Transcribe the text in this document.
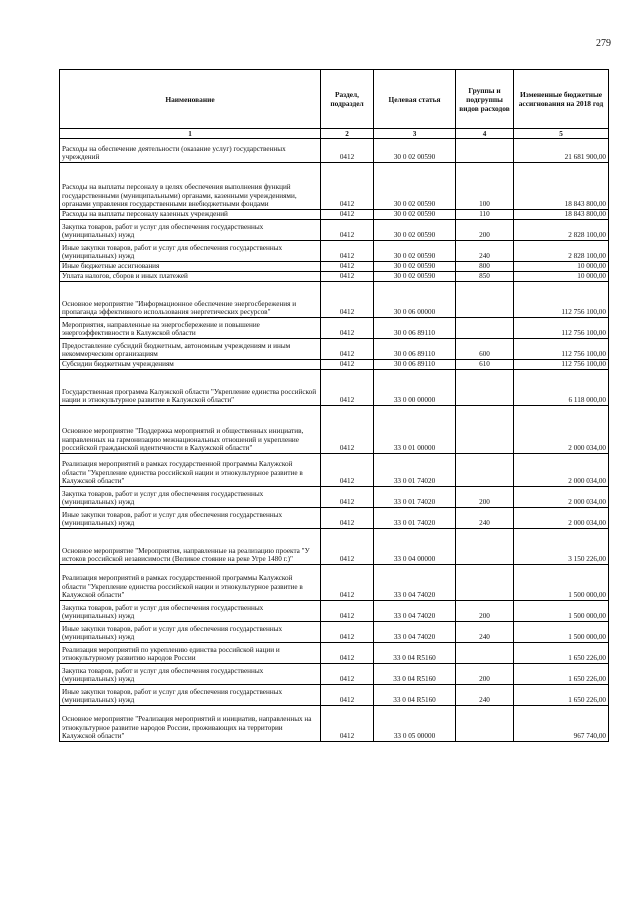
279
Наименование	Раздел, подраздел	Целевая статья	Группы и подгруппы видов расходов	Измененные бюджетные ассигнования на 2018 год
1	2	3	4	5
Расходы на обеспечение деятельности (оказание услуг) государственных учреждений	0412	30 0 02 00590		21 681 900,00
Расходы на выплаты персоналу в целях обеспечения выполнения функций государственными (муниципальными) органами, казенными учреждениями, органами управления государственными внебюджетными фондами	0412	30 0 02 00590	100	18 843 800,00
Расходы на выплаты персоналу казенных учреждений	0412	30 0 02 00590	110	18 843 800,00
Закупка товаров, работ и услуг для обеспечения государственных (муниципальных) нужд	0412	30 0 02 00590	200	2 828 100,00
Иные закупки товаров, работ и услуг для обеспечения государственных (муниципальных) нужд	0412	30 0 02 00590	240	2 828 100,00
Иные бюджетные ассигнования	0412	30 0 02 00590	800	10 000,00
Уплата налогов, сборов и иных платежей	0412	30 0 02 00590	850	10 000,00
Основное мероприятие "Информационное обеспечение энергосбережения и пропаганда эффективного использования энергетических ресурсов"	0412	30 0 06 00000		112 756 100,00
Мероприятия, направленные на энергосбережение и повышение энергоэффективности в Калужской области	0412	30 0 06 89110		112 756 100,00
Предоставление субсидий бюджетным, автономным учреждениям и иным некоммерческим организациям	0412	30 0 06 89110	600	112 756 100,00
Субсидии бюджетным учреждениям	0412	30 0 06 89110	610	112 756 100,00
Государственная программа Калужской области "Укрепление единства российской нации и этнокультурное развитие в Калужской области"	0412	33 0 00 00000		6 118 000,00
Основное мероприятие "Поддержка мероприятий и общественных инициатив, направленных на гармонизацию межнациональных отношений и укрепление российской гражданской идентичности в Калужской области"	0412	33 0 01 00000		2 000 034,00
Реализация мероприятий в рамках государственной программы Калужской области "Укрепление единства российской нации и этнокультурное развитие в Калужской области"	0412	33 0 01 74020		2 000 034,00
Закупка товаров, работ и услуг для обеспечения государственных (муниципальных) нужд	0412	33 0 01 74020	200	2 000 034,00
Иные закупки товаров, работ и услуг для обеспечения государственных (муниципальных) нужд	0412	33 0 01 74020	240	2 000 034,00
Основное мероприятие "Мероприятия, направленные на реализацию проекта "У истоков российской независимости (Великое стояние на реке Угре 1480 г.)"	0412	33 0 04 00000		3 150 226,00
Реализация мероприятий в рамках государственной программы Калужской области "Укрепление единства российской нации и этнокультурное развитие в Калужской области"	0412	33 0 04 74020		1 500 000,00
Закупка товаров, работ и услуг для обеспечения государственных (муниципальных) нужд	0412	33 0 04 74020	200	1 500 000,00
Иные закупки товаров, работ и услуг для обеспечения государственных (муниципальных) нужд	0412	33 0 04 74020	240	1 500 000,00
Реализация мероприятий по укреплению единства российской нации и этнокультурному развитию народов России	0412	33 0 04 R5160		1 650 226,00
Закупка товаров, работ и услуг для обеспечения государственных (муниципальных) нужд	0412	33 0 04 R5160	200	1 650 226,00
Иные закупки товаров, работ и услуг для обеспечения государственных (муниципальных) нужд	0412	33 0 04 R5160	240	1 650 226,00
Основное мероприятие "Реализация мероприятий и инициатив, направленных на этнокультурное развитие народов России, проживающих на территории Калужской области"	0412	33 0 05 00000		967 740,00
